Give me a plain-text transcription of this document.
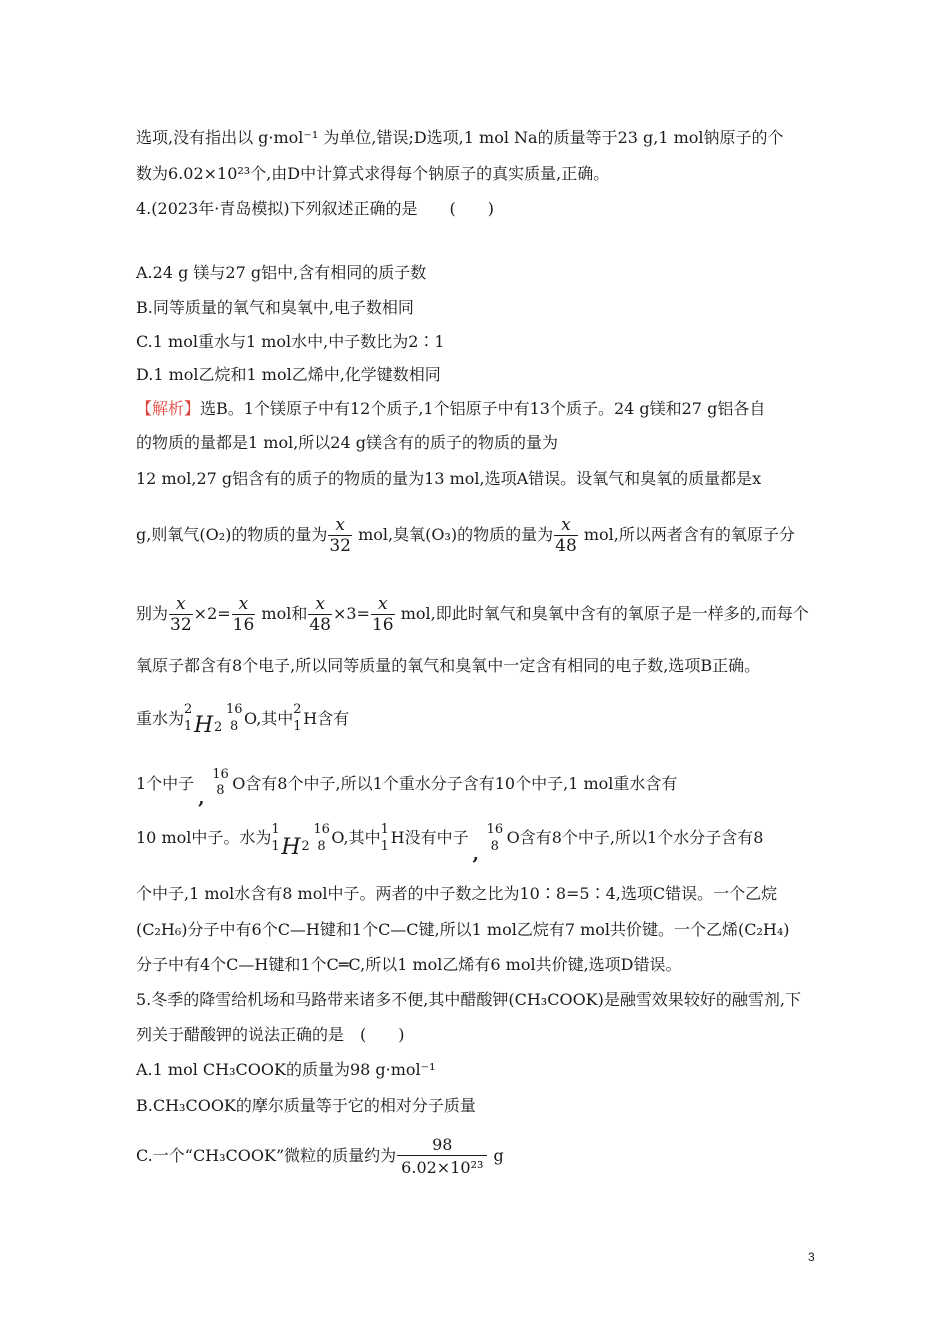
选项,没有指出以 g·mol⁻¹ 为单位,错误;D选项,1 mol Na的质量等于23 g,1 mol钠原子的个
数为6.02×10²³个,由D中计算式求得每个钠原子的真实质量,正确。
4.(2023年·青岛模拟)下列叙述正确的是　　(　　)
A.24 g 镁与27 g铝中,含有相同的质子数
B.同等质量的氧气和臭氧中,电子数相同
C.1 mol重水与1 mol水中,中子数比为2∶1
D.1 mol乙烷和1 mol乙烯中,化学键数相同
【解析】选B。1个镁原子中有12个质子,1个铝原子中有13个质子。24 g镁和27 g铝各自
的物质的量都是1 mol,所以24 g镁含有的质子的物质的量为
12 mol,27 g铝含有的质子的物质的量为13 mol,选项A错误。设氧气和臭氧的质量都是x
g,则氧气(O₂)的物质的量为 $\frac{x}{32}$ mol,臭氧(O₃)的物质的量为 $\frac{x}{48}$ mol,所以两者含有的氧原子分
别为 $\frac{x}{32} \times 2= \frac{x}{16}$ mol和 $\frac{x}{48} \times 3= \frac{x}{16}$ mol,即此时氧气和臭氧中含有的氧原子是一样多的,而每个
氧原子都含有8个电子,所以同等质量的氧气和臭氧中一定含有相同的电子数,选项B正确。
重水为 2
1 H 2
16
8 O,其中 2
1 H含有
1个中子
,
16
8 O含有8个中子,所以1个重水分子含有10个中子,1 mol重水含有
10 mol中子。水为 1
1 H 2
16
8 O,其中 1
1 H没有中子
,
16
8 O含有8个中子,所以1个水分子含有8
个中子,1 mol水含有8 mol中子。两者的中子数之比为10∶8=5∶4,选项C错误。一个乙烷
(C₂H₆)分子中有6个C—H键和1个C—C键,所以1 mol乙烷有7 mol共价键。一个乙烯(C₂H₄)
分子中有4个C—H键和1个C═C,所以1 mol乙烯有6 mol共价键,选项D错误。
5.冬季的降雪给机场和马路带来诸多不便,其中醋酸钾(CH₃COOK)是融雪效果较好的融雪剂,下
列关于醋酸钾的说法正确的是　(　　)
A.1 mol CH₃COOK的质量为98 g·mol⁻¹
B.CH₃COOK的摩尔质量等于它的相对分子质量
C.一个“CH₃COOK”微粒的质量约为 $\frac{98}{\text{6.02×10²³}}$ g
3
